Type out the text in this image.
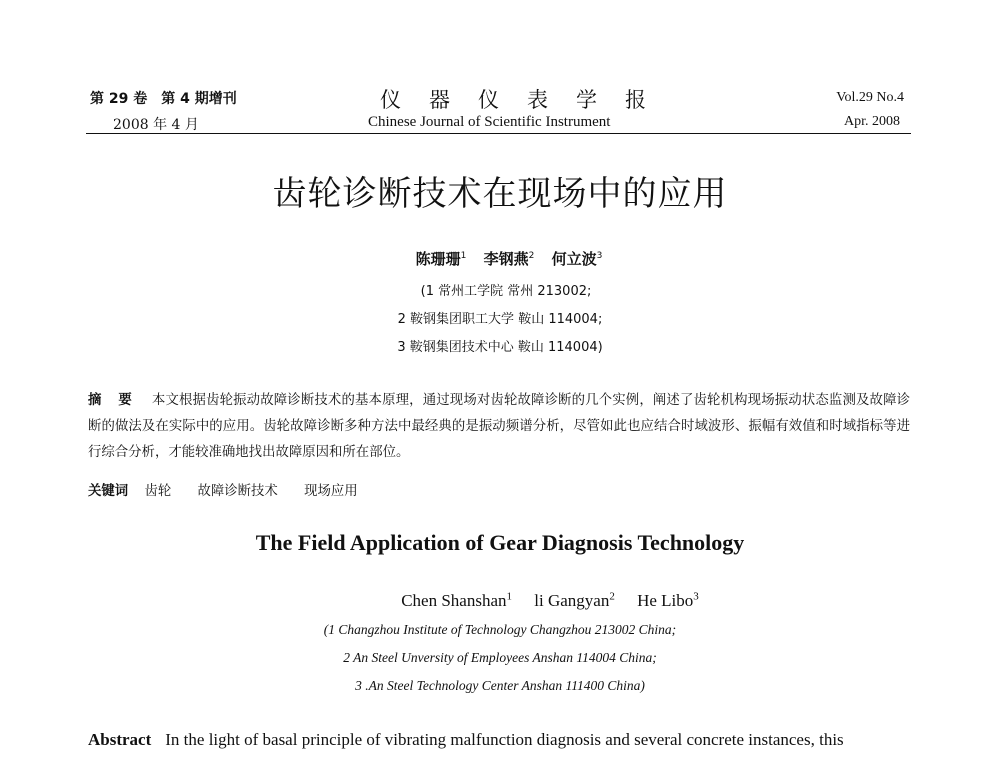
第 29 卷　第 4 期增刊
2008 年 4 月
仪器仪表学报
Chinese Journal of Scientific Instrument
Vol.29 No.4
Apr. 2008
齿轮诊断技术在现场中的应用
陈珊珊$^1$ 李钢燕$^2$ 何立波$^3$
(1 常州工学院 常州 213002;
2 鞍钢集团职工大学 鞍山 114004;
3 鞍钢集团技术中心 鞍山 114004)
摘 要 本文根据齿轮振动故障诊断技术的基本原理，通过现场对齿轮故障诊断的几个实例，阐述了齿轮机构现场振动状态监测及故障诊断的做法及在实际中的应用。齿轮故障诊断多种方法中最经典的是振动频谱分析，尽管如此也应结合时域波形、振幅有效值和时域指标等进行综合分析，才能较准确地找出故障原因和所在部位。
关键词 齿轮 故障诊断技术 现场应用
The Field Application of Gear Diagnosis Technology
Chen Shanshan$^1$ li Gangyan$^2$ He Libo$^3$
(1 Changzhou Institute of Technology Changzhou 213002 China;
2 An Steel Unversity of Employees Anshan 114004 China;
3 .An Steel Technology Center Anshan 111400 China)
Abstract In the light of basal principle of vibrating malfunction diagnosis and several concrete instances, this
